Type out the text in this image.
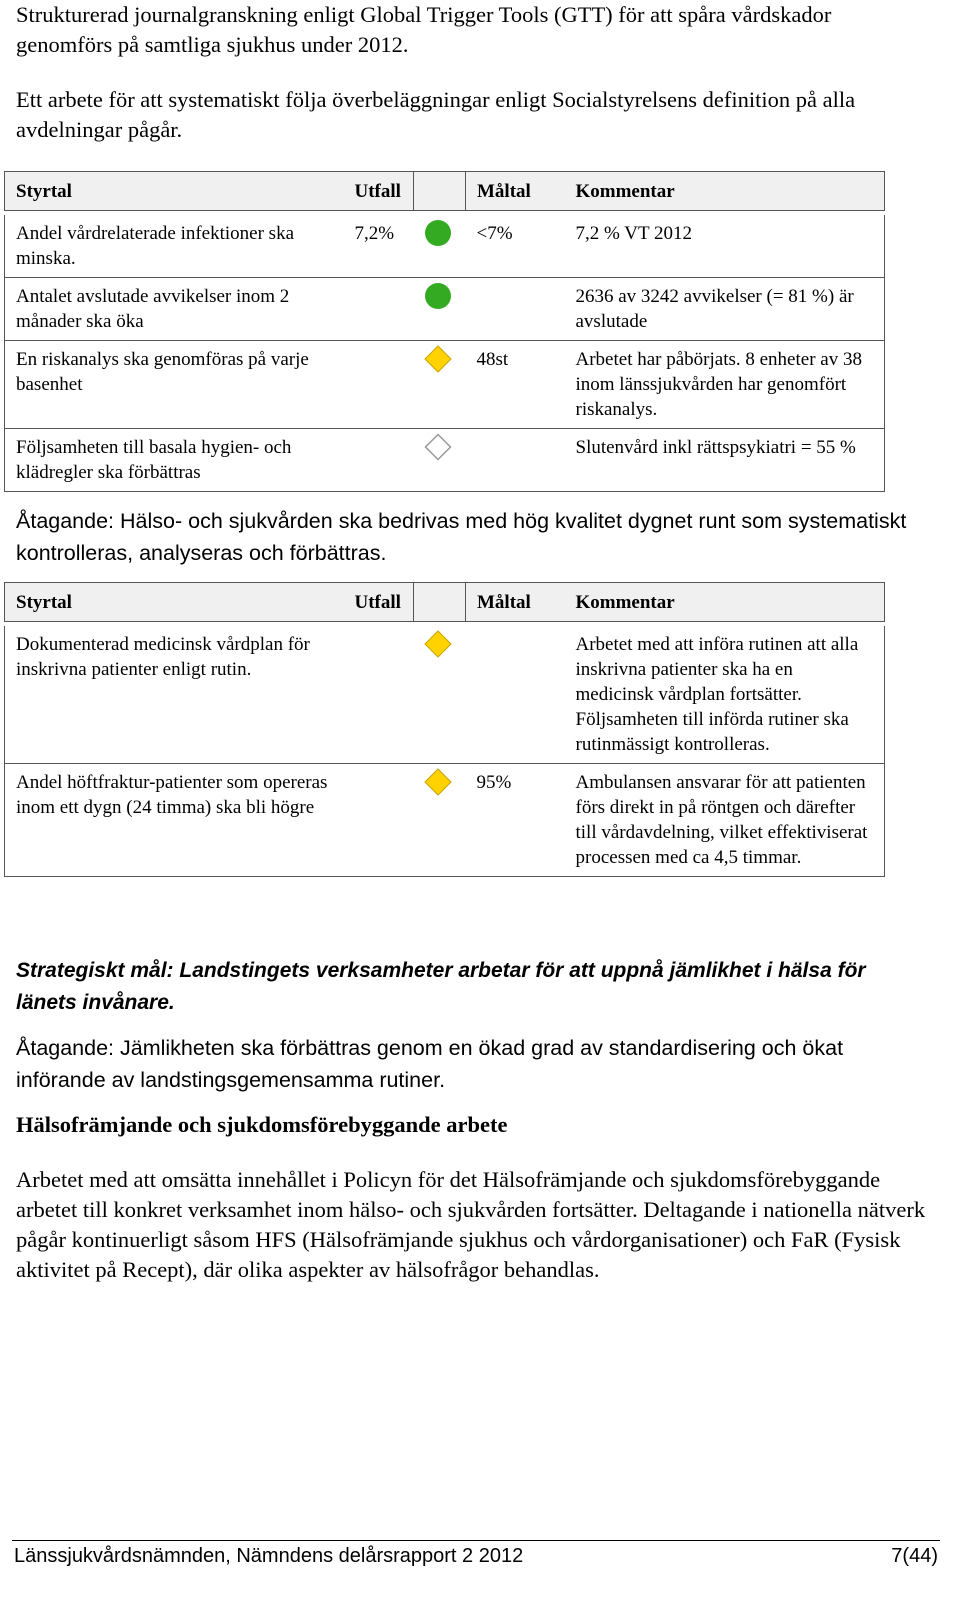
Strukturerad journalgranskning enligt Global Trigger Tools (GTT) för att spåra vårdskador genomförs på samtliga sjukhus under 2012.

Ett arbete för att systematiskt följa överbeläggningar enligt Socialstyrelsens definition på alla avdelningar pågår.

Styrtal	Utfall		Måltal	Kommentar

Andel vårdrelaterade infektioner ska minska.	7,2%		<7%	7,2 % VT 2012
Antalet avslutade avvikelser inom 2 månader ska öka				2636 av 3242 avvikelser (= 81 %) är avslutade
En riskanalys ska genomföras på varje basenhet			48st	Arbetet har påbörjats. 8 enheter av 38 inom länssjukvården har genomfört riskanalys.
Följsamheten till basala hygien- och klädregler ska förbättras				Slutenvård inkl rättspsykiatri = 55 %

Åtagande: Hälso- och sjukvården ska bedrivas med hög kvalitet dygnet runt som systematiskt kontrolleras, analyseras och förbättras.

Styrtal	Utfall		Måltal	Kommentar

Dokumenterad medicinsk vårdplan för inskrivna patienter enligt rutin.				Arbetet med att införa rutinen att alla inskrivna patienter ska ha en medicinsk vårdplan fortsätter. Följsamheten till införda rutiner ska rutinmässigt kontrolleras.
Andel höftfraktur-patienter som opereras inom ett dygn (24 timma) ska bli högre			95%	Ambulansen ansvarar för att patienten förs direkt in på röntgen och därefter till vårdavdelning, vilket effektiviserat processen med ca 4,5 timmar.

Strategiskt mål: Landstingets verksamheter arbetar för att uppnå jämlikhet i hälsa för länets invånare.

Åtagande: Jämlikheten ska förbättras genom en ökad grad av standardisering och ökat införande av landstingsgemensamma rutiner.

Hälsofrämjande och sjukdomsförebyggande arbete

Arbetet med att omsätta innehållet i Policyn för det Hälsofrämjande och sjukdomsförebyggande arbetet till konkret verksamhet inom hälso- och sjukvården fortsätter. Deltagande i nationella nätverk pågår kontinuerligt såsom HFS (Hälsofrämjande sjukhus och vårdorganisationer) och FaR (Fysisk aktivitet på Recept), där olika aspekter av hälsofrågor behandlas.

Länssjukvårdsnämnden, Nämndens delårsrapport 2 2012	7(44)
